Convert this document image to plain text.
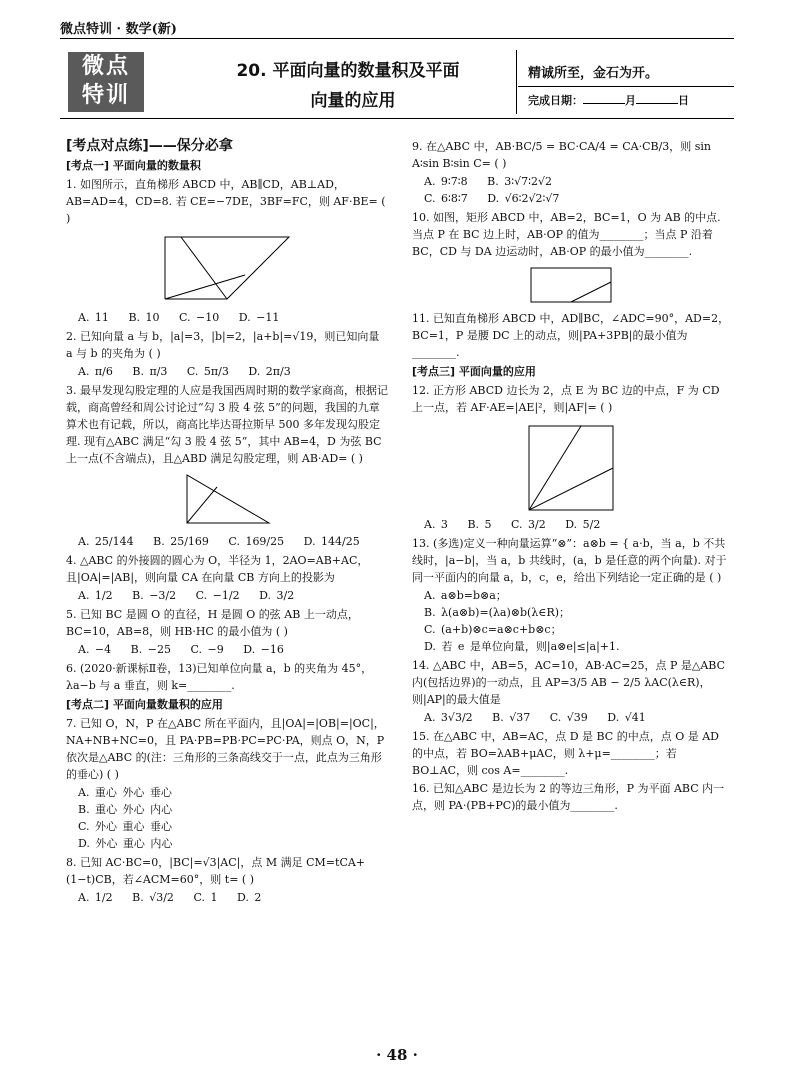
微点特训 · 数学(新)
微点
特训
20. 平面向量的数量积及平面
向量的应用
精诚所至，金石为开。
完成日期：	月	日
[考点对点练]——保分必拿
[考点一] 平面向量的数量积
1. 如图所示，直角梯形 ABCD 中，AB∥CD，AB⊥AD，AB=AD=4，CD=8. 若 CE=−7DE，3BF=FC，则 AF·BE= ( )
A. 11 B. 10 C. −10 D. −11
2. 已知向量 a 与 b，|a|=3，|b|=2，|a+b|=√19，则已知向量 a 与 b 的夹角为 ( )
A. π/6 B. π/3 C. 5π/3 D. 2π/3
3. 最早发现勾股定理的人应是我国西周时期的数学家商高，根据记载，商高曾经和周公讨论过“勾 3 股 4 弦 5”的问题，我国的九章算术也有记载，所以，商高比毕达哥拉斯早 500 多年发现勾股定理. 现有△ABC 满足“勾 3 股 4 弦 5”，其中 AB=4，D 为弦 BC 上一点(不含端点)，且△ABD 满足勾股定理，则 AB·AD= ( )
A. 25/144 B. 25/169 C. 169/25 D. 144/25
4. △ABC 的外接圆的圆心为 O，半径为 1，2AO=AB+AC，且|OA|=|AB|，则向量 CA 在向量 CB 方向上的投影为
A. 1/2 B. −3/2 C. −1/2 D. 3/2
5. 已知 BC 是圆 O 的直径，H 是圆 O 的弦 AB 上一动点，BC=10，AB=8，则 HB·HC 的最小值为 ( )
A. −4 B. −25 C. −9 D. −16
6. (2020·新课标Ⅱ卷，13)已知单位向量 a，b 的夹角为 45°，λa−b 与 a 垂直，则 k=________.
[考点二] 平面向量数量积的应用
7. 已知 O，N，P 在△ABC 所在平面内，且|OA|=|OB|=|OC|，NA+NB+NC=0，且 PA·PB=PB·PC=PC·PA，则点 O，N，P 依次是△ABC 的(注：三角形的三条高线交于一点，此点为三角形的垂心) ( )
A. 重心 外心 垂心
B. 重心 外心 内心
C. 外心 重心 垂心
D. 外心 重心 内心
8. 已知 AC·BC=0，|BC|=√3|AC|，点 M 满足 CM=tCA+(1−t)CB，若∠ACM=60°，则 t= ( )
A. 1/2 B. √3/2 C. 1 D. 2
9. 在△ABC 中，AB·BC/5 = BC·CA/4 = CA·CB/3，则 sin A∶sin B∶sin C= ( )
A. 9∶7∶8 B. 3∶√7∶2√2
C. 6∶8∶7 D. √6∶2√2∶√7
10. 如图，矩形 ABCD 中，AB=2，BC=1，O 为 AB 的中点. 当点 P 在 BC 边上时，AB·OP 的值为________；当点 P 沿着 BC，CD 与 DA 边运动时，AB·OP 的最小值为________.
11. 已知直角梯形 ABCD 中，AD∥BC，∠ADC=90°，AD=2，BC=1，P 是腰 DC 上的动点，则|PA+3PB|的最小值为________.
[考点三] 平面向量的应用
12. 正方形 ABCD 边长为 2，点 E 为 BC 边的中点，F 为 CD 上一点，若 AF·AE=|AE|²，则|AF|= ( )
A. 3 B. 5 C. 3/2 D. 5/2
13. (多选)定义一种向量运算“⊗”：a⊗b = { a·b，当 a，b 不共线时，|a−b|，当 a，b 共线时，(a，b 是任意的两个向量). 对于同一平面内的向量 a，b，c，e，给出下列结论一定正确的是 ( )
A. a⊗b=b⊗a；
B. λ(a⊗b)=(λa)⊗b(λ∈R)；
C. (a+b)⊗c=a⊗c+b⊗c；
D. 若 e 是单位向量，则|a⊗e|≤|a|+1.
14. △ABC 中，AB=5，AC=10，AB·AC=25，点 P 是△ABC 内(包括边界)的一动点，且 AP=3/5 AB − 2/5 λAC(λ∈R)，则|AP|的最大值是
A. 3√3/2 B. √37 C. √39 D. √41
15. 在△ABC 中，AB=AC，点 D 是 BC 的中点，点 O 是 AD 的中点，若 BO=λAB+μAC，则 λ+μ=________；若 BO⊥AC，则 cos A=________.
16. 已知△ABC 是边长为 2 的等边三角形，P 为平面 ABC 内一点，则 PA·(PB+PC)的最小值为________.
· 48 ·
